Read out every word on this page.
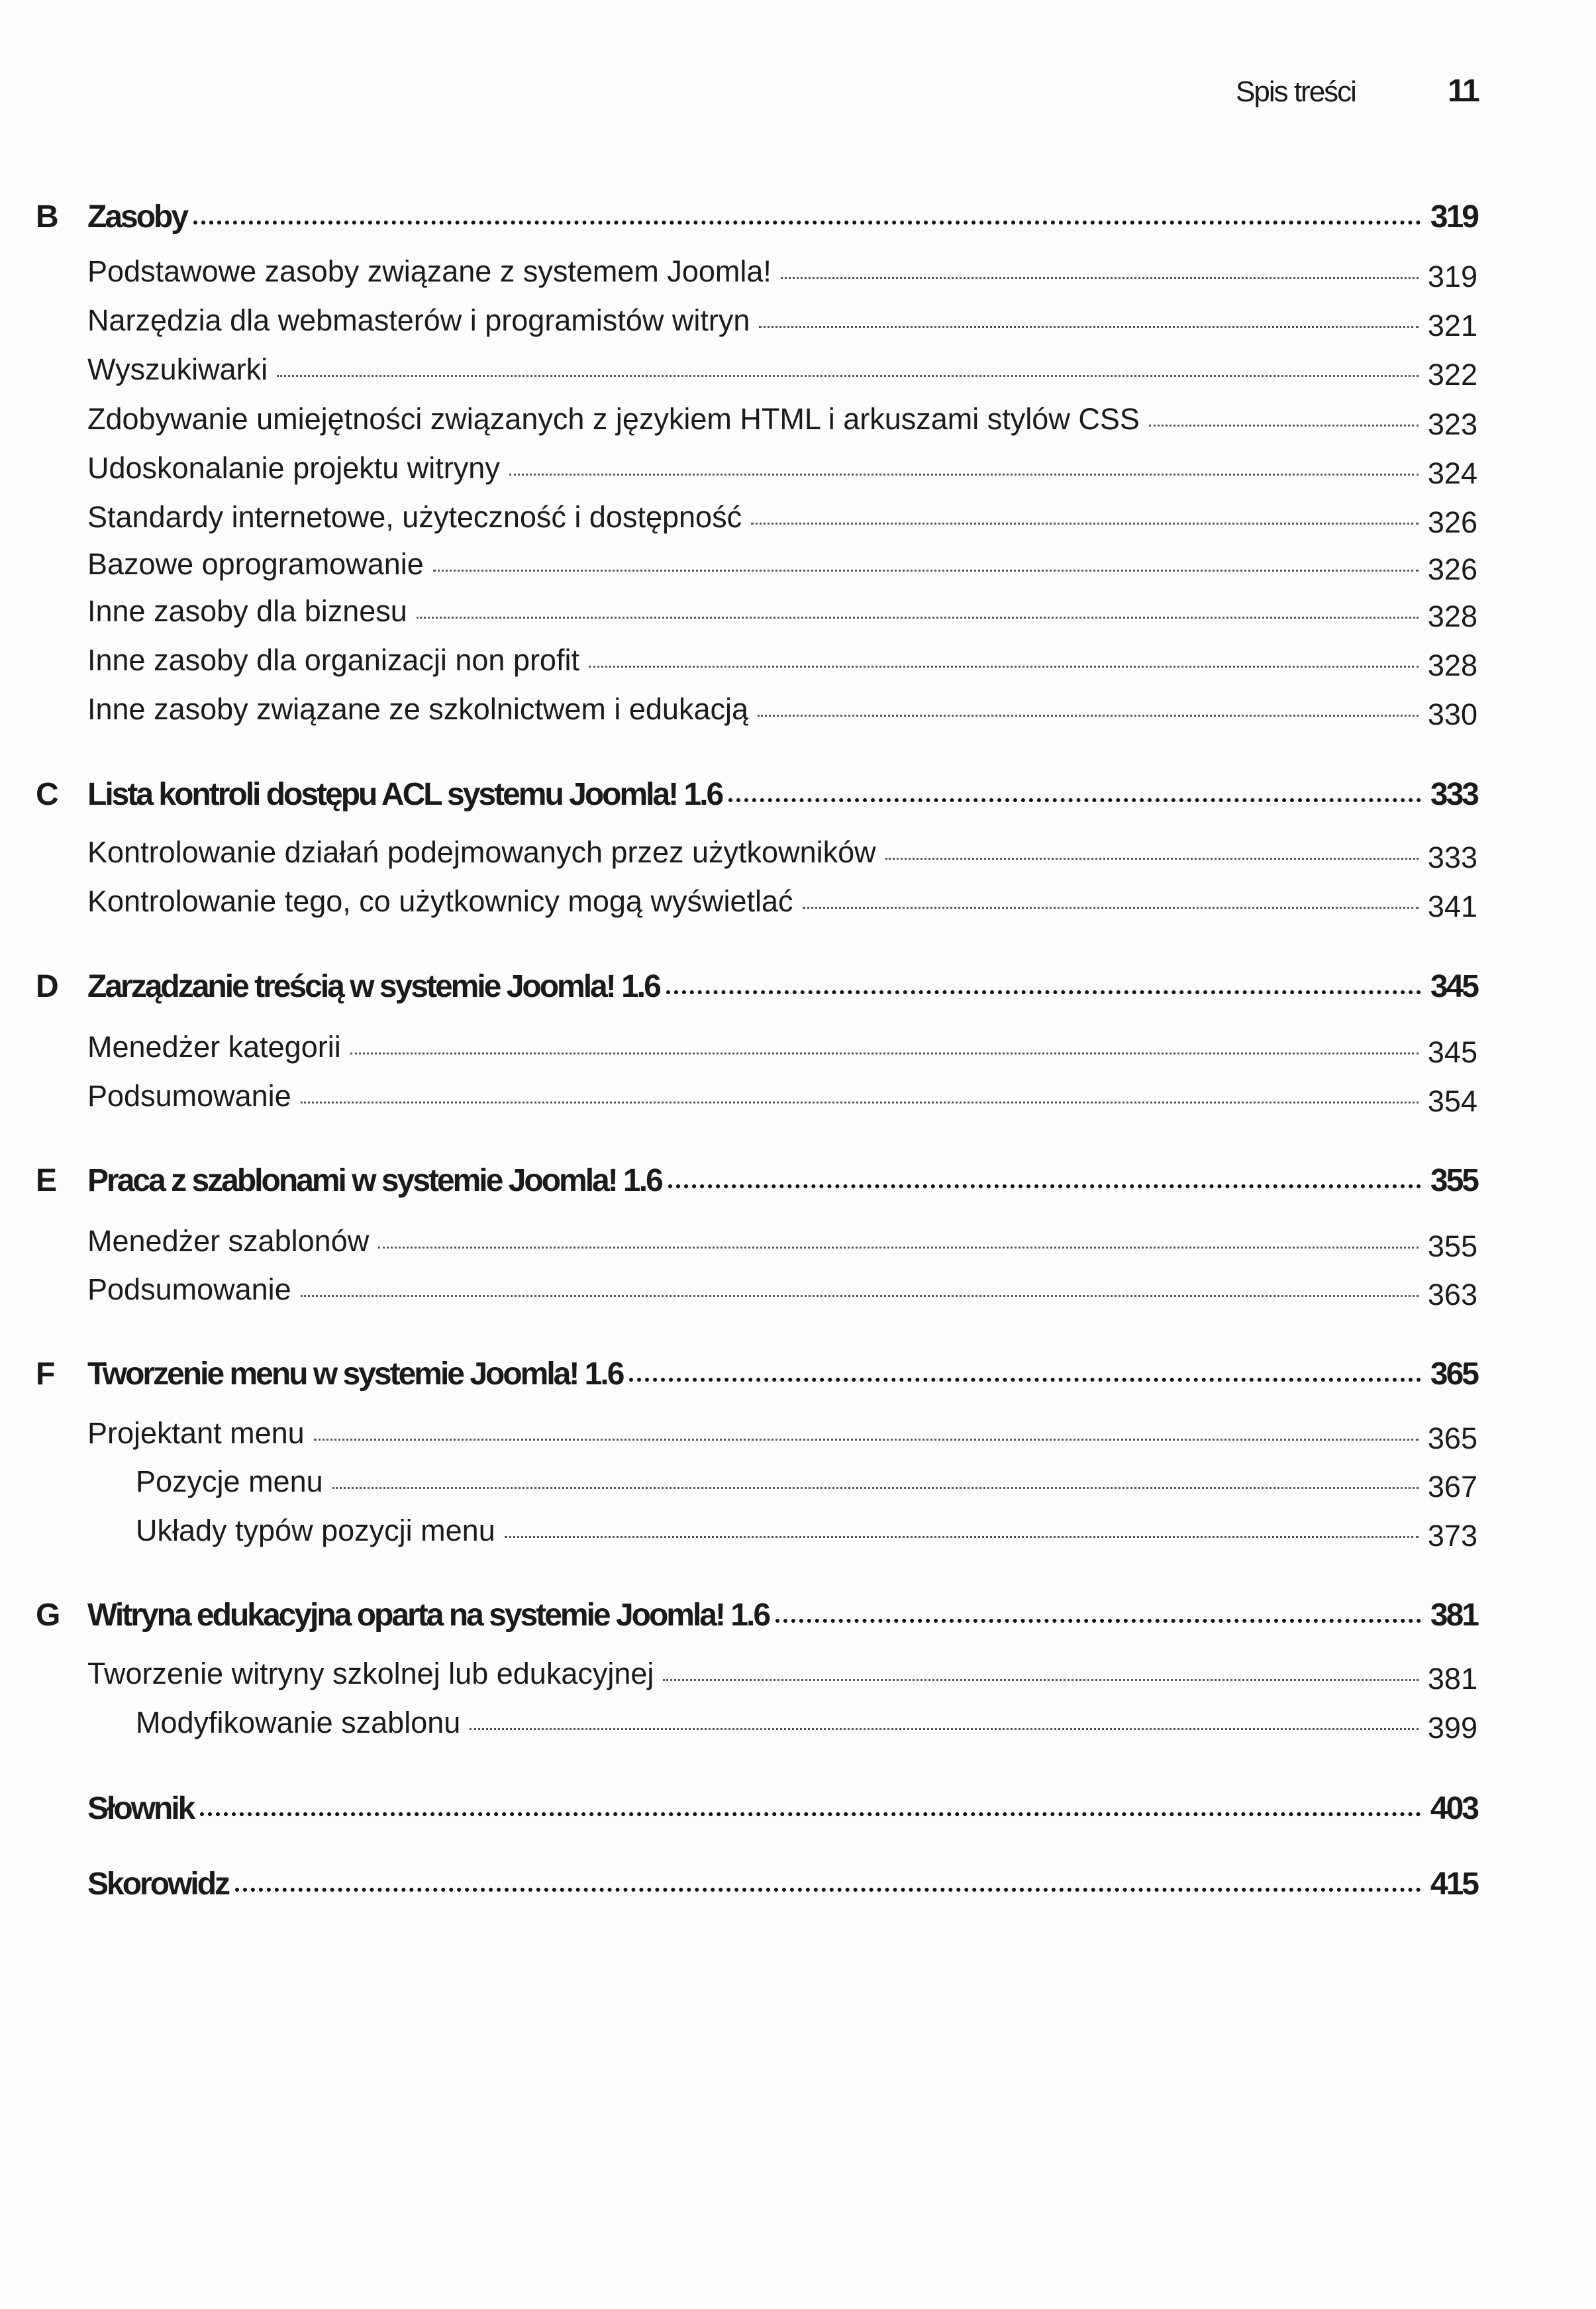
Spis treści	11
B Zasoby	319
Podstawowe zasoby związane z systemem Joomla!	319
Narzędzia dla webmasterów i programistów witryn	321
Wyszukiwarki	322
Zdobywanie umiejętności związanych z językiem HTML i arkuszami stylów CSS	323
Udoskonalanie projektu witryny	324
Standardy internetowe, użyteczność i dostępność	326
Bazowe oprogramowanie	326
Inne zasoby dla biznesu	328
Inne zasoby dla organizacji non profit	328
Inne zasoby związane ze szkolnictwem i edukacją	330
C Lista kontroli dostępu ACL systemu Joomla! 1.6	333
Kontrolowanie działań podejmowanych przez użytkowników	333
Kontrolowanie tego, co użytkownicy mogą wyświetlać	341
D Zarządzanie treścią w systemie Joomla! 1.6	345
Menedżer kategorii	345
Podsumowanie	354
E Praca z szablonami w systemie Joomla! 1.6	355
Menedżer szablonów	355
Podsumowanie	363
F Tworzenie menu w systemie Joomla! 1.6	365
Projektant menu	365
Pozycje menu	367
Układy typów pozycji menu	373
G Witryna edukacyjna oparta na systemie Joomla! 1.6	381
Tworzenie witryny szkolnej lub edukacyjnej	381
Modyfikowanie szablonu	399
Słownik	403
Skorowidz	415
